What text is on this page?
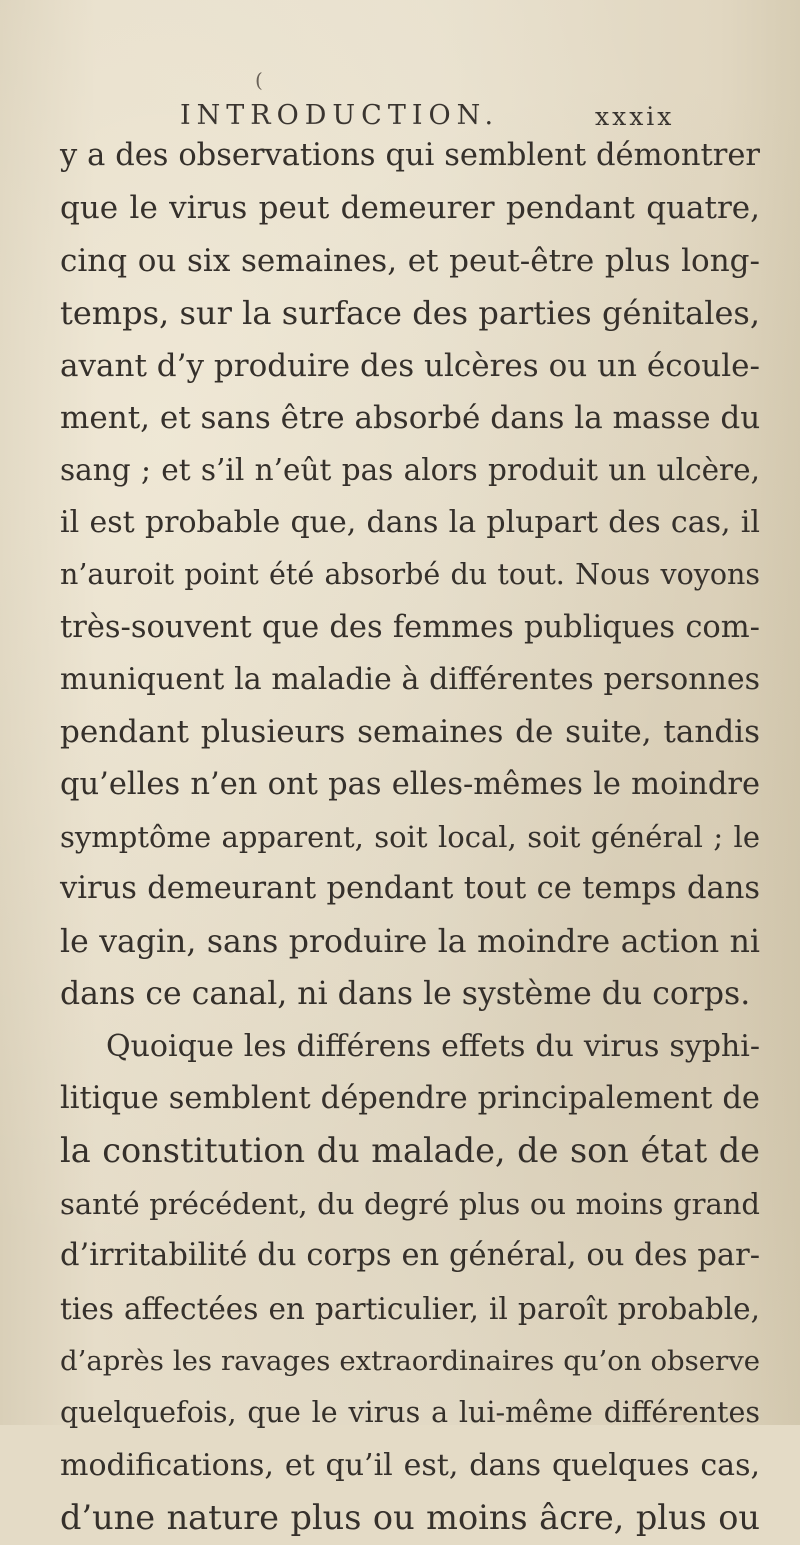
(
INTRODUCTION.	xxxix
y a des observations qui semblent démontrer
que le virus peut demeurer pendant quatre,
cinq ou six semaines, et peut-être plus long-
temps, sur la surface des parties génitales,
avant d’y produire des ulcères ou un écoule-
ment, et sans être absorbé dans la masse du
sang ; et s’il n’eût pas alors produit un ulcère,
il est probable que, dans la plupart des cas, il
n’auroit point été absorbé du tout. Nous voyons
très-souvent que des femmes publiques com-
muniquent la maladie à différentes personnes
pendant plusieurs semaines de suite, tandis
qu’elles n’en ont pas elles-mêmes le moindre
symptôme apparent, soit local, soit général ; le
virus demeurant pendant tout ce temps dans
le vagin, sans produire la moindre action ni
dans ce canal, ni dans le système du corps.
Quoique les différens effets du virus syphi-
litique semblent dépendre principalement de
la constitution du malade, de son état de
santé précédent, du degré plus ou moins grand
d’irritabilité du corps en général, ou des par-
ties affectées en particulier, il paroît probable,
d’après les ravages extraordinaires qu’on observe
quelquefois, que le virus a lui-même différentes
modifications, et qu’il est, dans quelques cas,
d’une nature plus ou moins âcre, plus ou
